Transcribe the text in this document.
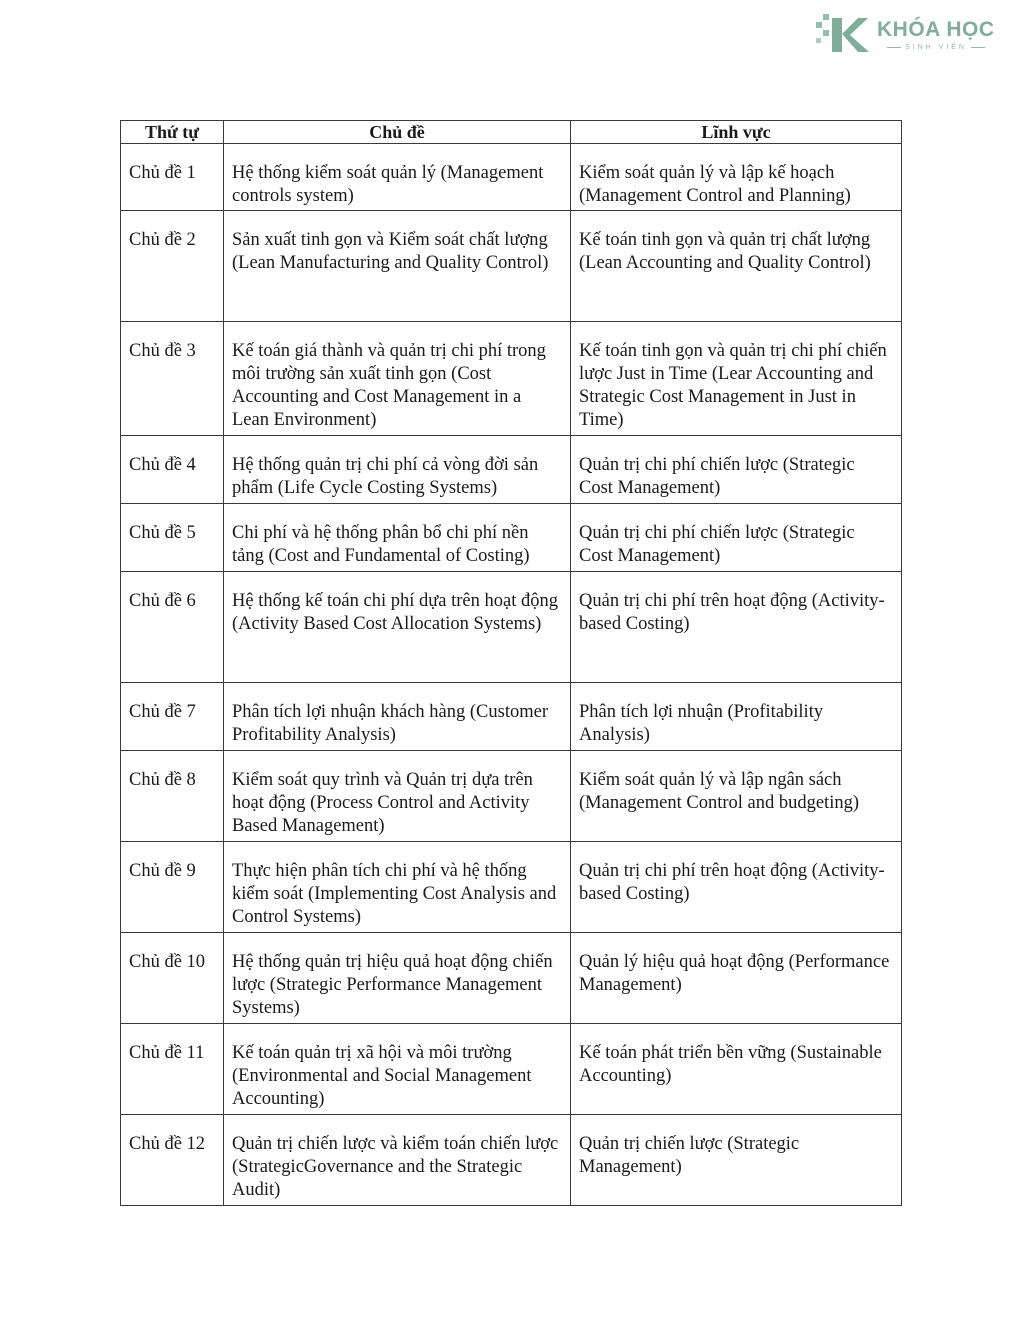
KHÓA HỌC
SINH VIÊN
Thứ tự	Chủ đề	Lĩnh vực
Chủ đề 1	Hệ thống kiểm soát quản lý (Management controls system)	Kiểm soát quản lý và lập kế hoạch (Management Control and Planning)
Chủ đề 2	Sản xuất tinh gọn và Kiểm soát chất lượng (Lean Manufacturing and Quality Control)	Kế toán tinh gọn và quản trị chất lượng (Lean Accounting and Quality Control)
Chủ đề 3	Kế toán giá thành và quản trị chi phí trong môi trường sản xuất tinh gọn (Cost Accounting and Cost Management in a Lean Environment)	Kế toán tinh gọn và quản trị chi phí chiến lược Just in Time (Lear Accounting and Strategic Cost Management in Just in Time)
Chủ đề 4	Hệ thống quản trị chi phí cả vòng đời sản phẩm (Life Cycle Costing Systems)	Quản trị chi phí chiến lược (Strategic Cost Management)
Chủ đề 5	Chi phí và hệ thống phân bổ chi phí nền tảng (Cost and Fundamental of Costing)	Quản trị chi phí chiến lược (Strategic Cost Management)
Chủ đề 6	Hệ thống kế toán chi phí dựa trên hoạt động (Activity Based Cost Allocation Systems)	Quản trị chi phí trên hoạt động (Activity-based Costing)
Chủ đề 7	Phân tích lợi nhuận khách hàng (Customer Profitability Analysis)	Phân tích lợi nhuận (Profitability Analysis)
Chủ đề 8	Kiểm soát quy trình và Quản trị dựa trên hoạt động (Process Control and Activity Based Management)	Kiểm soát quản lý và lập ngân sách (Management Control and budgeting)
Chủ đề 9	Thực hiện phân tích chi phí và hệ thống kiểm soát (Implementing Cost Analysis and Control Systems)	Quản trị chi phí trên hoạt động (Activity-based Costing)
Chủ đề 10	Hệ thống quản trị hiệu quả hoạt động chiến lược (Strategic Performance Management Systems)	Quản lý hiệu quả hoạt động (Performance Management)
Chủ đề 11	Kế toán quản trị xã hội và môi trường (Environmental and Social Management Accounting)	Kế toán phát triển bền vững (Sustainable Accounting)
Chủ đề 12	Quản trị chiến lược và kiểm toán chiến lược (StrategicGovernance and the Strategic Audit)	Quản trị chiến lược (Strategic Management)
